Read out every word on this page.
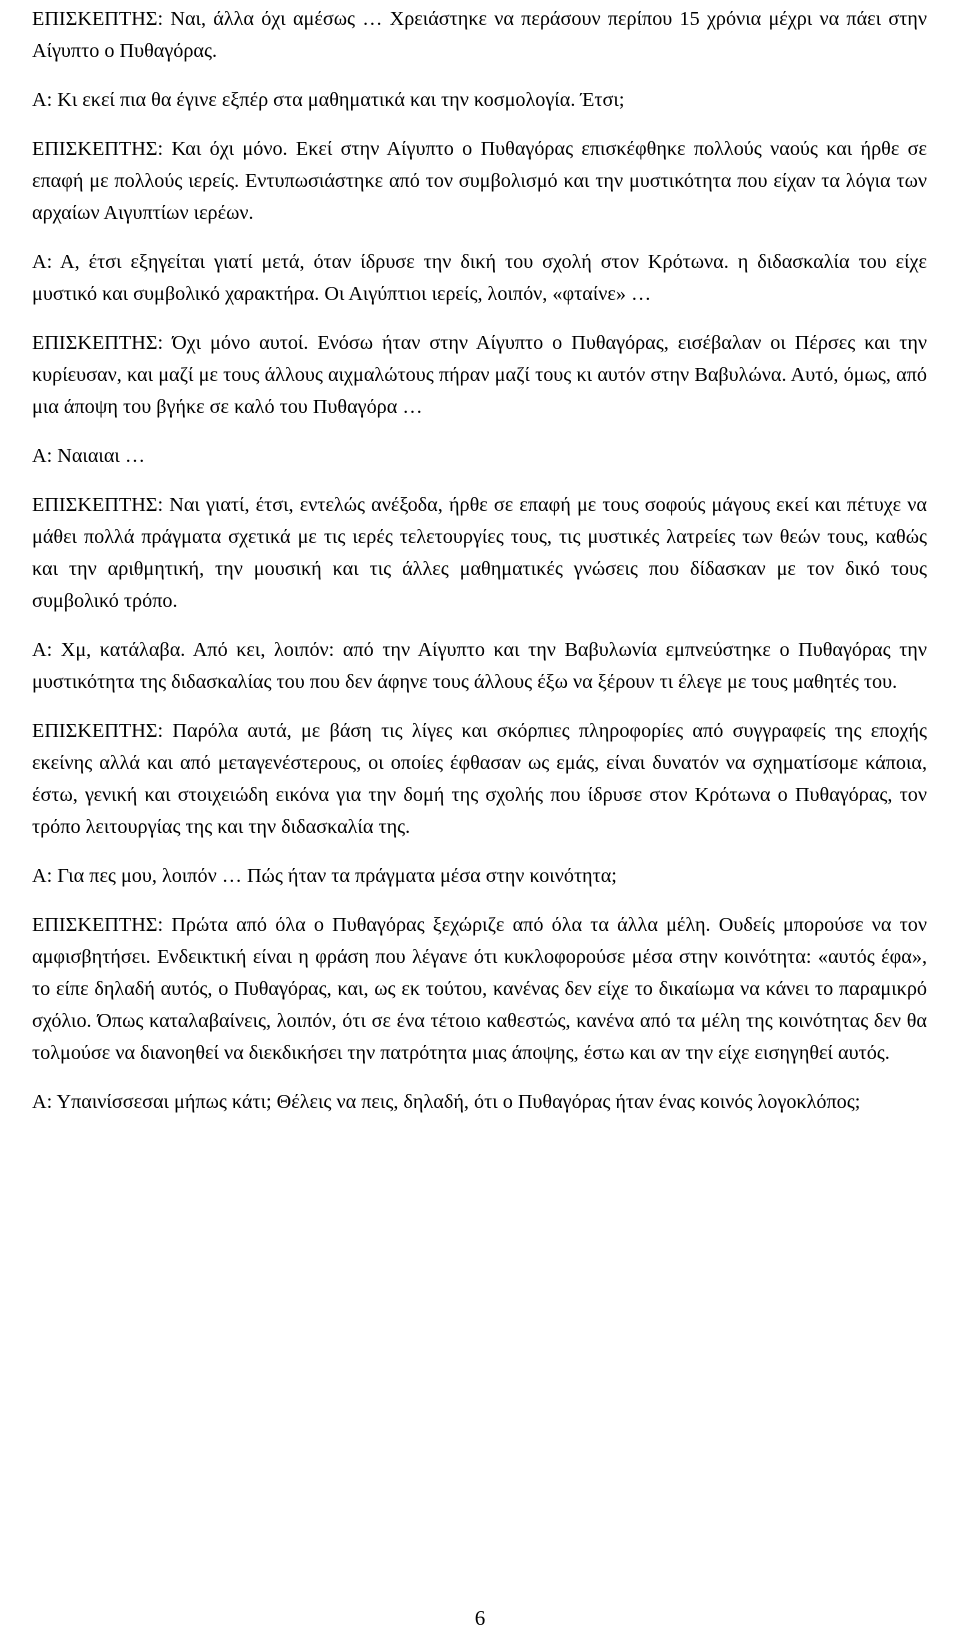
ΕΠΙΣΚΕΠΤΗΣ: Ναι, άλλα όχι αμέσως … Χρειάστηκε να περάσουν περίπου 15 χρόνια μέχρι να πάει στην Αίγυπτο ο Πυθαγόρας.

Α: Κι εκεί πια θα έγινε εξπέρ στα μαθηματικά και την κοσμολογία. Έτσι;

ΕΠΙΣΚΕΠΤΗΣ: Και όχι μόνο. Εκεί στην Αίγυπτο ο Πυθαγόρας επισκέφθηκε πολλούς ναούς και ήρθε σε επαφή με πολλούς ιερείς. Εντυπωσιάστηκε από τον συμβολισμό και την μυστικότητα που είχαν τα λόγια των αρχαίων Αιγυπτίων ιερέων.

Α: Α, έτσι εξηγείται γιατί μετά, όταν ίδρυσε την δική του σχολή στον Κρότωνα. η διδασκαλία του είχε μυστικό και συμβολικό χαρακτήρα. Οι Αιγύπτιοι ιερείς, λοιπόν, «φταίνε» …

ΕΠΙΣΚΕΠΤΗΣ: Όχι μόνο αυτοί. Ενόσω ήταν στην Αίγυπτο ο Πυθαγόρας, εισέβαλαν οι Πέρσες και την κυρίευσαν, και μαζί με τους άλλους αιχμαλώτους πήραν μαζί τους κι αυτόν στην Βαβυλώνα. Αυτό, όμως, από μια άποψη του βγήκε σε καλό του Πυθαγόρα …

Α: Ναιαιαι …

ΕΠΙΣΚΕΠΤΗΣ: Ναι γιατί, έτσι, εντελώς ανέξοδα, ήρθε σε επαφή με τους σοφούς μάγους εκεί και πέτυχε να μάθει πολλά πράγματα σχετικά με τις ιερές τελετουργίες τους, τις μυστικές λατρείες των θεών τους, καθώς και την αριθμητική, την μουσική και τις άλλες μαθηματικές γνώσεις που δίδασκαν με τον δικό τους συμβολικό τρόπο.

Α: Χμ, κατάλαβα. Από κει, λοιπόν: από την Αίγυπτο και την Βαβυλωνία εμπνεύστηκε ο Πυθαγόρας την μυστικότητα της διδασκαλίας του που δεν άφηνε τους άλλους έξω να ξέρουν τι έλεγε με τους μαθητές του.

ΕΠΙΣΚΕΠΤΗΣ: Παρόλα αυτά, με βάση τις λίγες και σκόρπιες πληροφορίες από συγγραφείς της εποχής εκείνης αλλά και από μεταγενέστερους, οι οποίες έφθασαν ως εμάς, είναι δυνατόν να σχηματίσομε κάποια, έστω, γενική και στοιχειώδη εικόνα για την δομή της σχολής που ίδρυσε στον Κρότωνα ο Πυθαγόρας, τον τρόπο λειτουργίας της και την διδασκαλία της.

Α: Για πες μου, λοιπόν … Πώς ήταν τα πράγματα μέσα στην κοινότητα;

ΕΠΙΣΚΕΠΤΗΣ: Πρώτα από όλα ο Πυθαγόρας ξεχώριζε από όλα τα άλλα μέλη. Ουδείς μπορούσε να τον αμφισβητήσει. Ενδεικτική είναι η φράση που λέγανε ότι κυκλοφορούσε μέσα στην κοινότητα: «αυτός έφα», το είπε δηλαδή αυτός, ο Πυθαγόρας, και, ως εκ τούτου, κανένας δεν είχε το δικαίωμα να κάνει το παραμικρό σχόλιο. Όπως καταλαβαίνεις, λοιπόν, ότι σε ένα τέτοιο καθεστώς, κανένα από τα μέλη της κοινότητας δεν θα τολμούσε να διανοηθεί να διεκδικήσει την πατρότητα μιας άποψης, έστω και αν την είχε εισηγηθεί αυτός.

Α: Υπαινίσσεσαι μήπως κάτι; Θέλεις να πεις, δηλαδή, ότι ο Πυθαγόρας ήταν ένας κοινός λογοκλόπος;

6
